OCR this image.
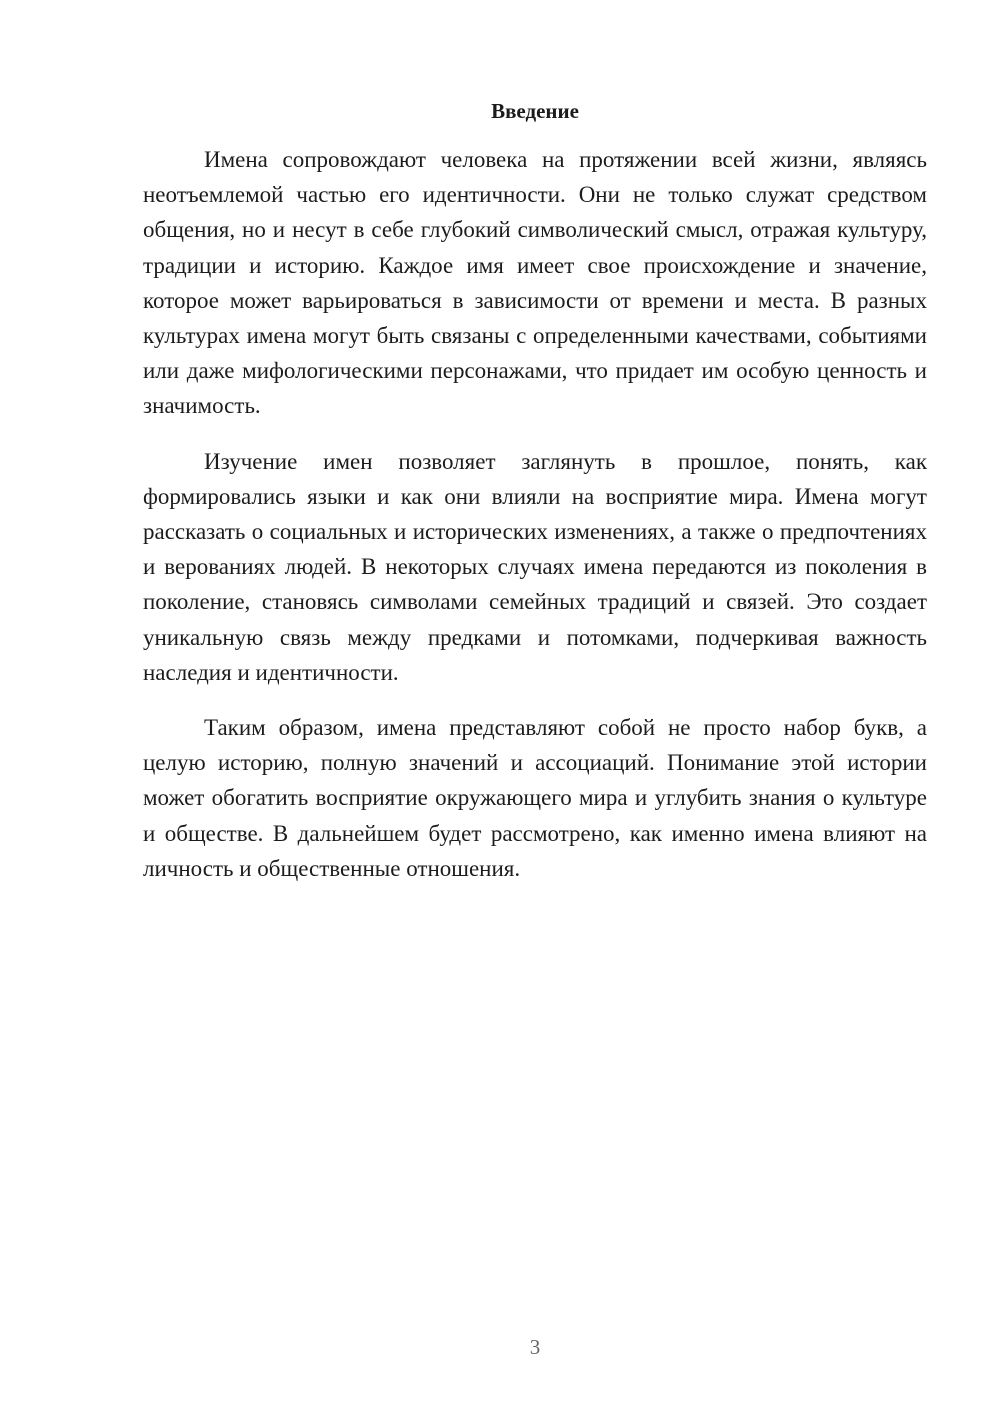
Введение

Имена сопровождают человека на протяжении всей жизни, являясь неотъемлемой частью его идентичности. Они не только служат средством общения, но и несут в себе глубокий символический смысл, отражая культуру, традиции и историю. Каждое имя имеет свое происхождение и значение, которое может варьироваться в зависимости от времени и места. В разных культурах имена могут быть связаны с определенными качествами, событиями или даже мифологическими персонажами, что придает им особую ценность и значимость.

Изучение имен позволяет заглянуть в прошлое, понять, как формировались языки и как они влияли на восприятие мира. Имена могут рассказать о социальных и исторических изменениях, а также о предпочтениях и верованиях людей. В некоторых случаях имена передаются из поколения в поколение, становясь символами семейных традиций и связей. Это создает уникальную связь между предками и потомками, подчеркивая важность наследия и идентичности.

Таким образом, имена представляют собой не просто набор букв, а целую историю, полную значений и ассоциаций. Понимание этой истории может обогатить восприятие окружающего мира и углубить знания о культуре и обществе. В дальнейшем будет рассмотрено, как именно имена влияют на личность и общественные отношения.

3
